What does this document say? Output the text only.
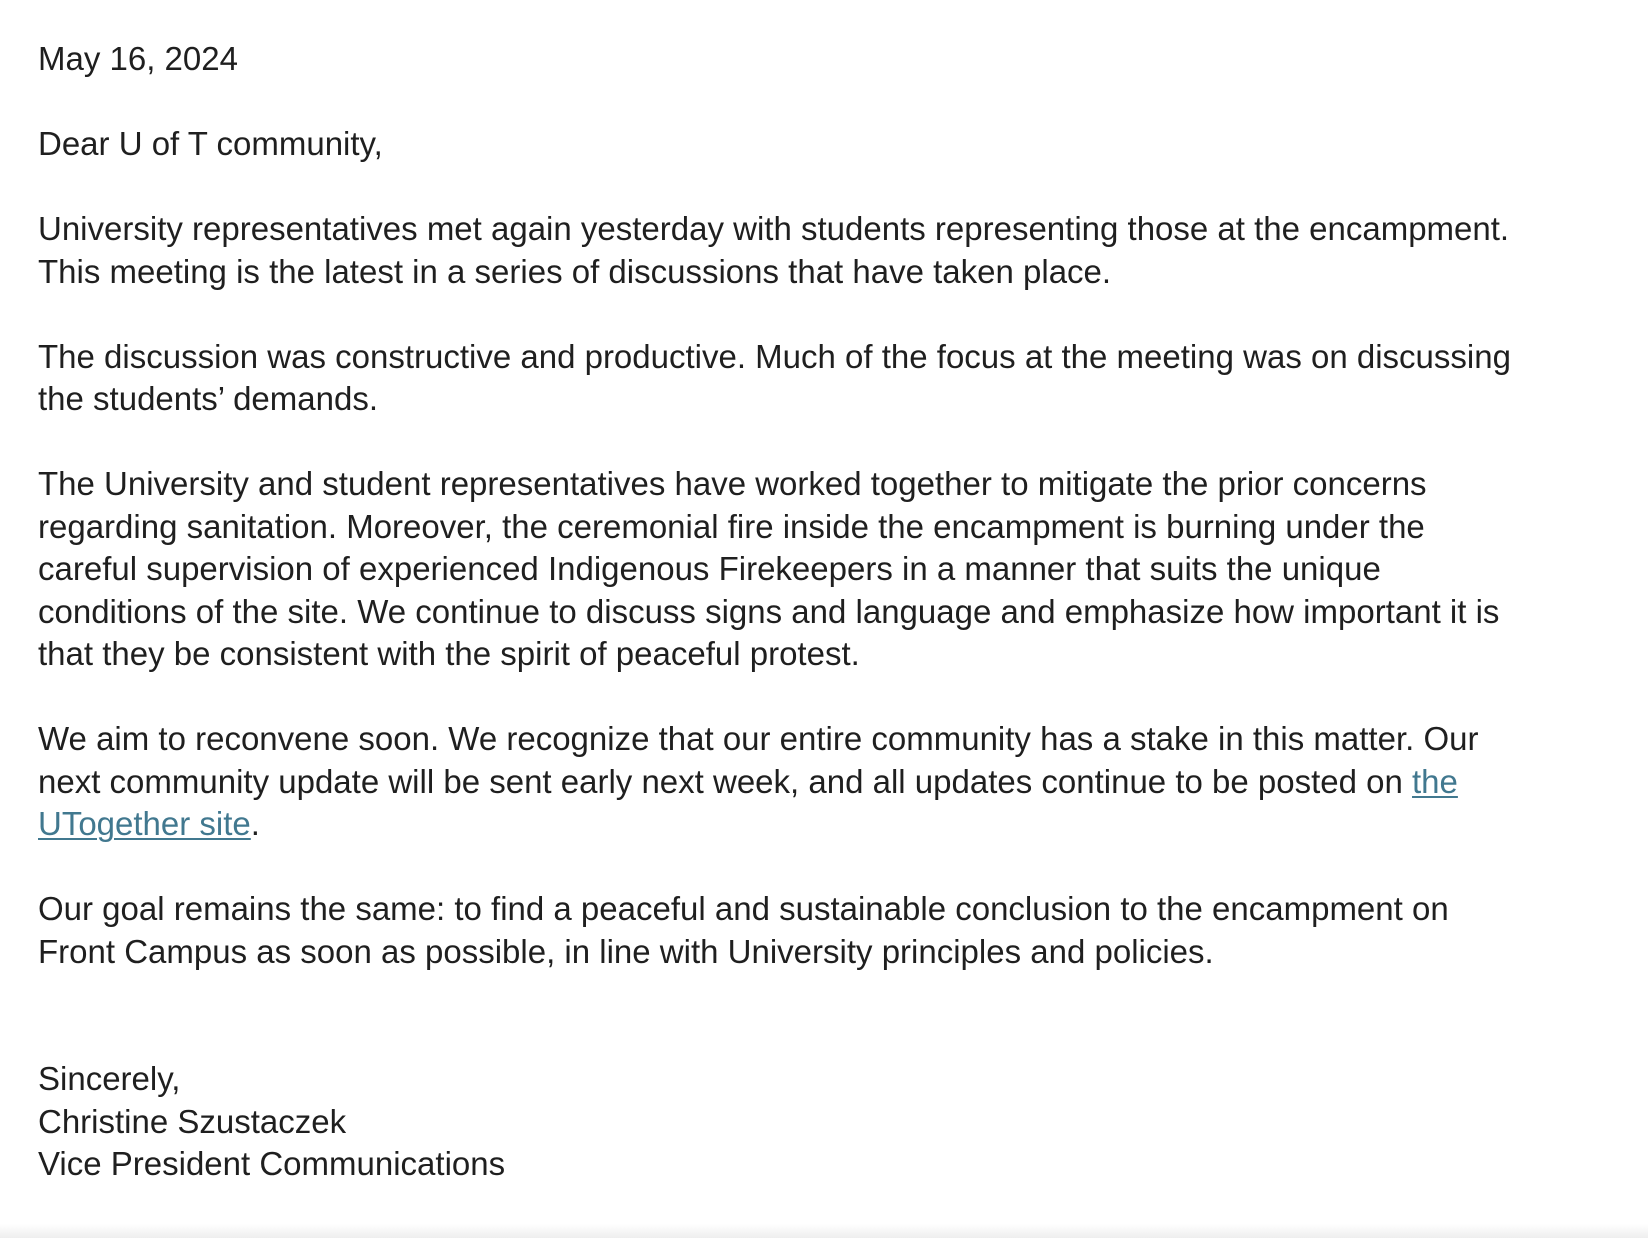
May 16, 2024

Dear U of T community,

University representatives met again yesterday with students representing those at the encampment.

This meeting is the latest in a series of discussions that have taken place.

The discussion was constructive and productive. Much of the focus at the meeting was on discussing

the students’ demands.

The University and student representatives have worked together to mitigate the prior concerns

regarding sanitation. Moreover, the ceremonial fire inside the encampment is burning under the

careful supervision of experienced Indigenous Firekeepers in a manner that suits the unique

conditions of the site. We continue to discuss signs and language and emphasize how important it is

that they be consistent with the spirit of peaceful protest.

We aim to reconvene soon. We recognize that our entire community has a stake in this matter. Our

next community update will be sent early next week, and all updates continue to be posted on the

UTogether site.

Our goal remains the same: to find a peaceful and sustainable conclusion to the encampment on

Front Campus as soon as possible, in line with University principles and policies.

Sincerely,

Christine Szustaczek

Vice President Communications
